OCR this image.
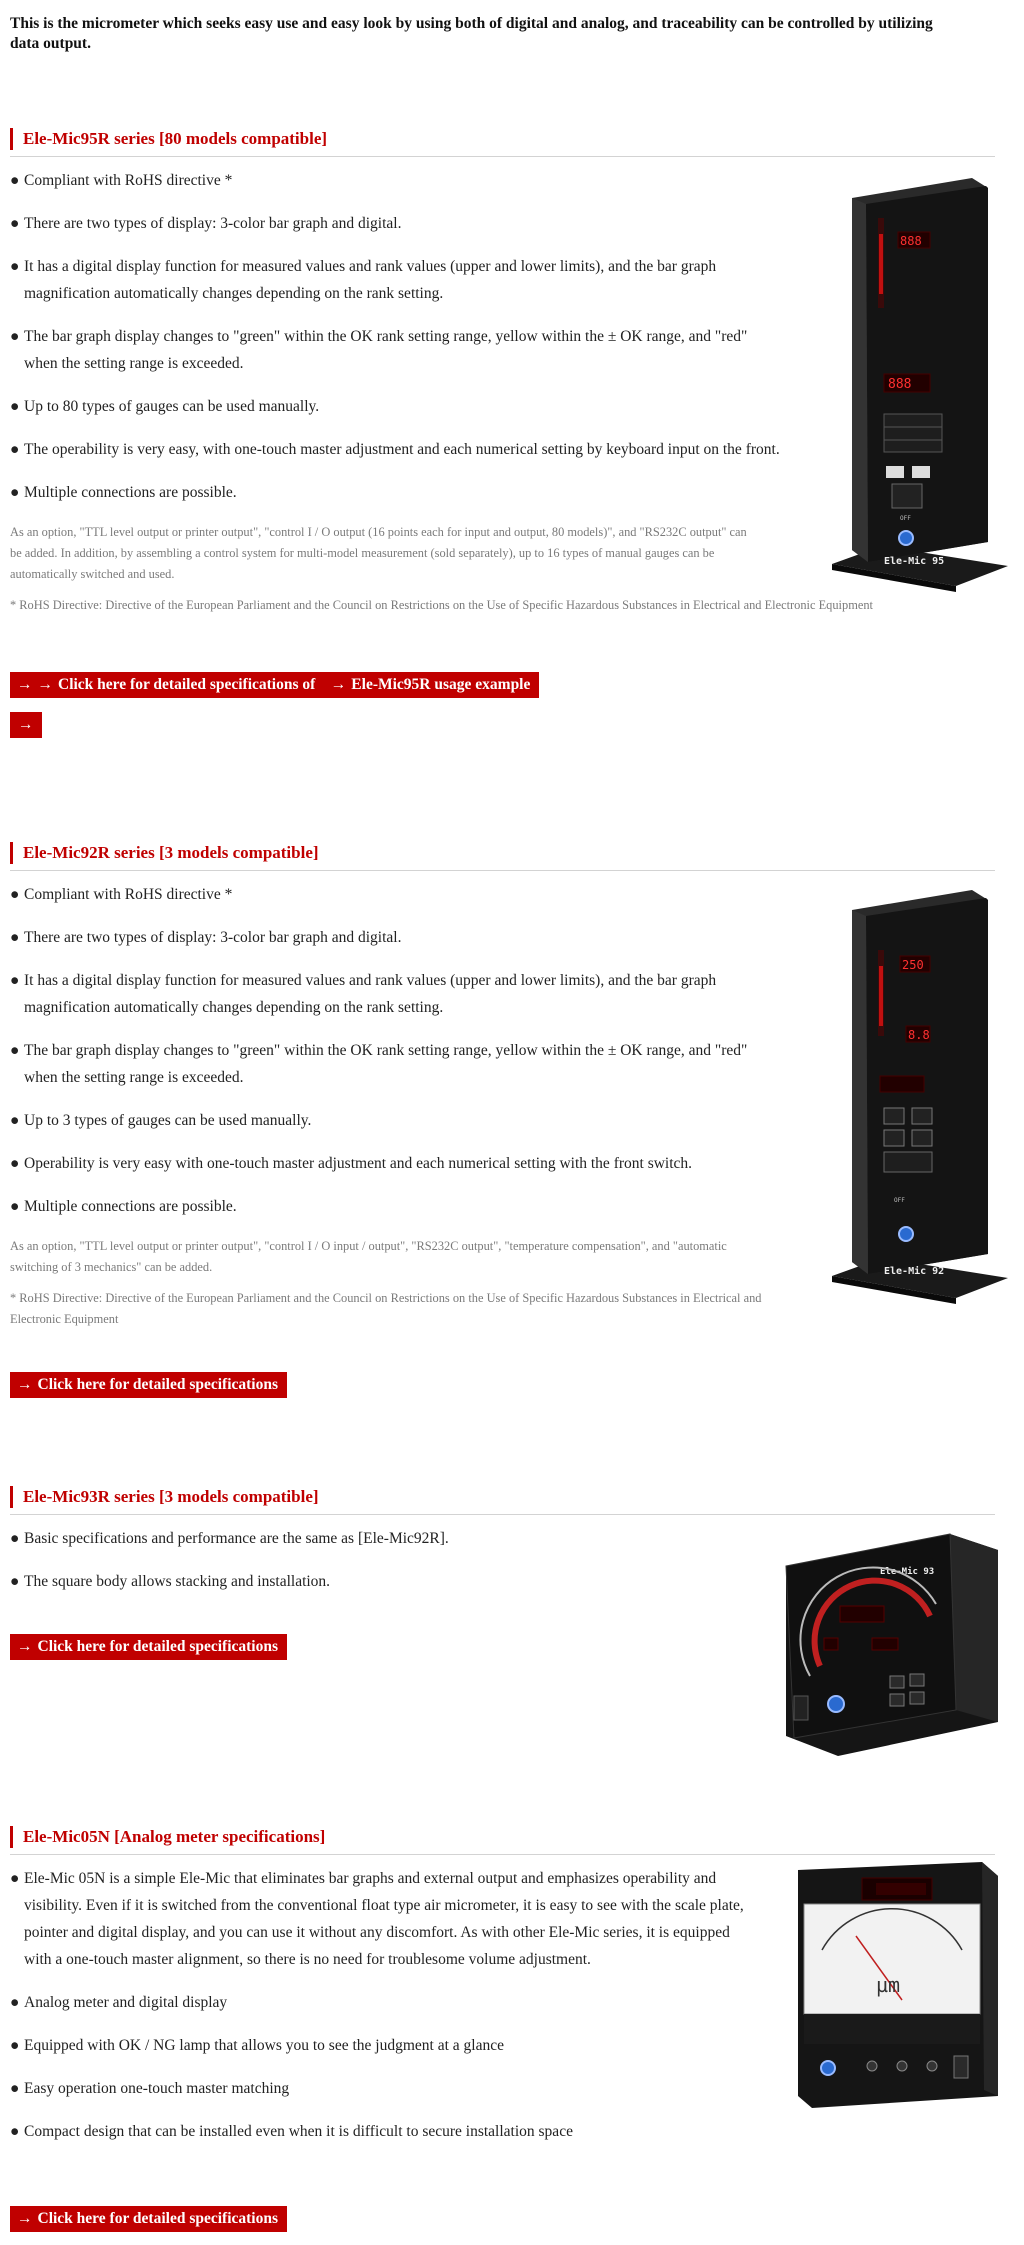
This is the micrometer which seeks easy use and easy look by using both of digital and analog, and traceability can be controlled by utilizing data output.
Ele-Mic95R series [80 models compatible]
● Compliant with RoHS directive *
● There are two types of display: 3-color bar graph and digital.
● It has a digital display function for measured values and rank values (upper and lower limits), and the bar graph magnification automatically changes depending on the rank setting.
● The bar graph display changes to "green" within the OK rank setting range, yellow within the ± OK range, and "red" when the setting range is exceeded.
● Up to 80 types of gauges can be used manually.
● The operability is very easy, with one-touch master adjustment and each numerical setting by keyboard input on the front.
● Multiple connections are possible.
As an option, "TTL level output or printer output", "control I / O output (16 points each for input and output, 80 models)", and "RS232C output" can be added. In addition, by assembling a control system for multi-model measurement (sold separately), up to 16 types of manual gauges can be automatically switched and used.
* RoHS Directive: Directive of the European Parliament and the Council on Restrictions on the Use of Specific Hazardous Substances in Electrical and Electronic Equipment
→ → Click here for detailed specifications of
→ Ele-Mic95R usage example
→
888
888
OFF
Ele-Mic 95
Ele-Mic92R series [3 models compatible]
● Compliant with RoHS directive *
● There are two types of display: 3-color bar graph and digital.
● It has a digital display function for measured values and rank values (upper and lower limits), and the bar graph magnification automatically changes depending on the rank setting.
● The bar graph display changes to "green" within the OK rank setting range, yellow within the ± OK range, and "red" when the setting range is exceeded.
● Up to 3 types of gauges can be used manually.
● Operability is very easy with one-touch master adjustment and each numerical setting with the front switch.
● Multiple connections are possible.
As an option, "TTL level output or printer output", "control I / O input / output", "RS232C output", "temperature compensation", and "automatic switching of 3 mechanics" can be added.
* RoHS Directive: Directive of the European Parliament and the Council on Restrictions on the Use of Specific Hazardous Substances in Electrical and Electronic Equipment
→ Click here for detailed specifications
250
8.8
OFF
Ele-Mic 92
Ele-Mic93R series [3 models compatible]
● Basic specifications and performance are the same as [Ele-Mic92R].
● The square body allows stacking and installation.
→ Click here for detailed specifications
Ele-Mic 93
Ele-Mic05N [Analog meter specifications]
● Ele-Mic 05N is a simple Ele-Mic that eliminates bar graphs and external output and emphasizes operability and visibility. Even if it is switched from the conventional float type air micrometer, it is easy to see with the scale plate, pointer and digital display, and you can use it without any discomfort. As with other Ele-Mic series, it is equipped with a one-touch master alignment, so there is no need for troublesome volume adjustment.
● Analog meter and digital display
● Equipped with OK / NG lamp that allows you to see the judgment at a glance
● Easy operation one-touch master matching
● Compact design that can be installed even when it is difficult to secure installation space
→ Click here for detailed specifications
µm
